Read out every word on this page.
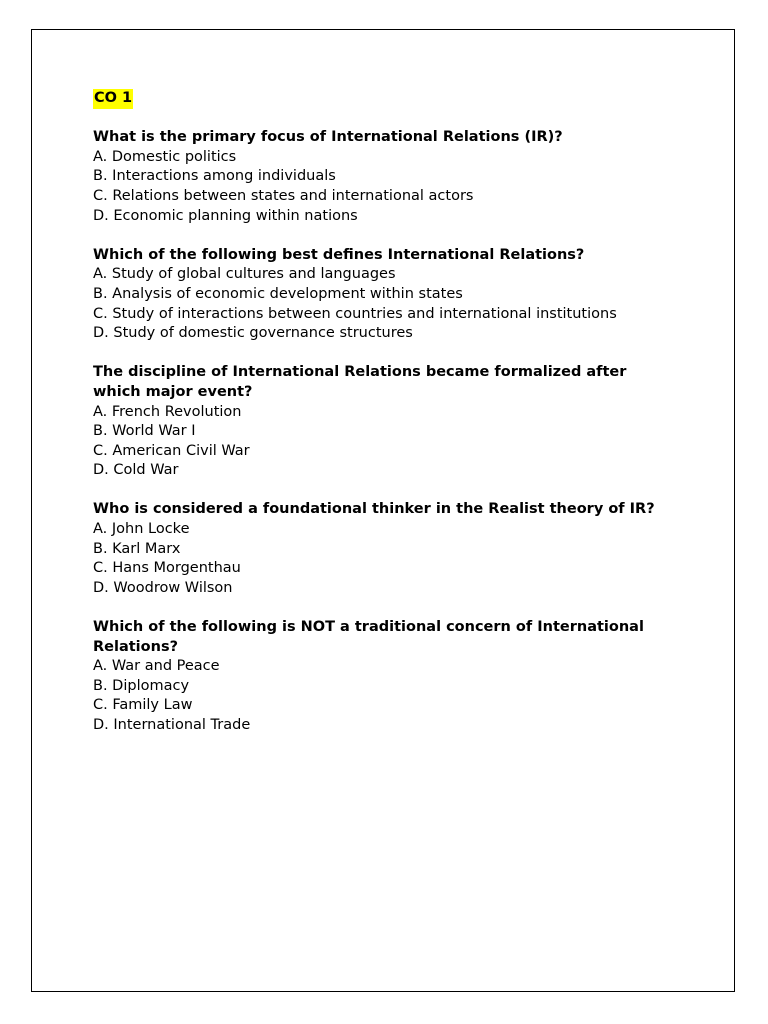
CO 1

What is the primary focus of International Relations (IR)?

A. Domestic politics

B. Interactions among individuals

C. Relations between states and international actors

D. Economic planning within nations

Which of the following best defines International Relations?

A. Study of global cultures and languages

B. Analysis of economic development within states

C. Study of interactions between countries and international institutions

D. Study of domestic governance structures

The discipline of International Relations became formalized after which major event?

A. French Revolution

B. World War I

C. American Civil War

D. Cold War

Who is considered a foundational thinker in the Realist theory of IR?

A. John Locke

B. Karl Marx

C. Hans Morgenthau

D. Woodrow Wilson

Which of the following is NOT a traditional concern of International Relations?

A. War and Peace

B. Diplomacy

C. Family Law

D. International Trade
